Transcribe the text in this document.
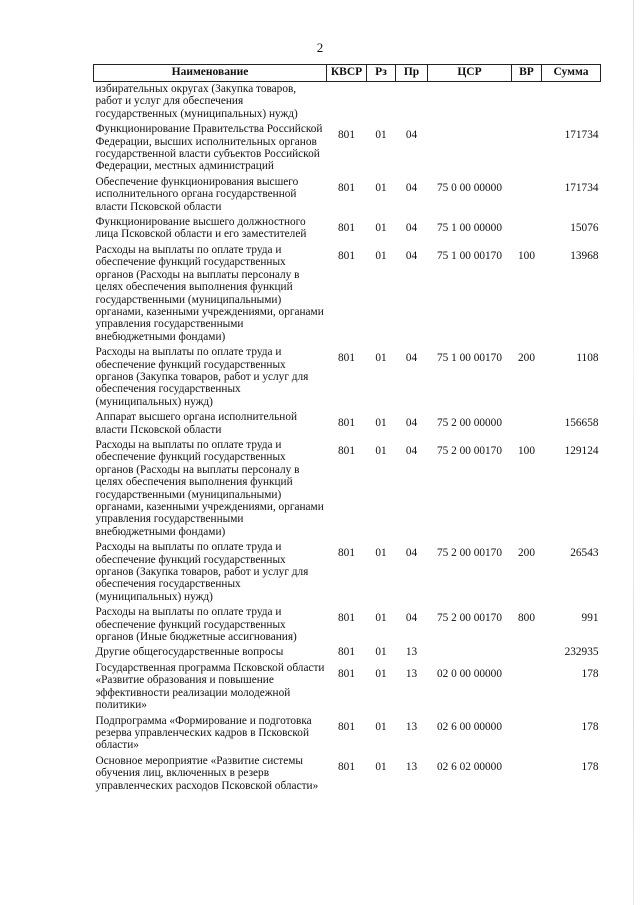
2
Наименование	КВСР	Рз	Пр	ЦСР	ВР	Сумма
избирательных округах (Закупка товаров, работ и услуг для обеспечения государственных (муниципальных) нужд)						
Функционирование Правительства Российской Федерации, высших исполнительных органов государственной власти субъектов Российской Федерации, местных администраций	801	01	04			171734
Обеспечение функционирования высшего исполнительного органа государственной власти Псковской области	801	01	04	75 0 00 00000		171734
Функционирование высшего должностного лица Псковской области и его заместителей	801	01	04	75 1 00 00000		15076
Расходы на выплаты по оплате труда и обеспечение функций государственных органов (Расходы на выплаты персоналу в целях обеспечения выполнения функций государственными (муниципальными) органами, казенными учреждениями, органами управления государственными внебюджетными фондами)	801	01	04	75 1 00 00170	100	13968
Расходы на выплаты по оплате труда и обеспечение функций государственных органов (Закупка товаров, работ и услуг для обеспечения государственных (муниципальных) нужд)	801	01	04	75 1 00 00170	200	1108
Аппарат высшего органа исполнительной власти Псковской области	801	01	04	75 2 00 00000		156658
Расходы на выплаты по оплате труда и обеспечение функций государственных органов (Расходы на выплаты персоналу в целях обеспечения выполнения функций государственными (муниципальными) органами, казенными учреждениями, органами управления государственными внебюджетными фондами)	801	01	04	75 2 00 00170	100	129124
Расходы на выплаты по оплате труда и обеспечение функций государственных органов (Закупка товаров, работ и услуг для обеспечения государственных (муниципальных) нужд)	801	01	04	75 2 00 00170	200	26543
Расходы на выплаты по оплате труда и обеспечение функций государственных органов (Иные бюджетные ассигнования)	801	01	04	75 2 00 00170	800	991
Другие общегосударственные вопросы	801	01	13			232935
Государственная программа Псковской области «Развитие образования и повышение эффективности реализации молодежной политики»	801	01	13	02 0 00 00000		178
Подпрограмма «Формирование и подготовка резерва управленческих кадров в Псковской области»	801	01	13	02 6 00 00000		178
Основное мероприятие «Развитие системы обучения лиц, включенных в резерв управленческих расходов Псковской области»	801	01	13	02 6 02 00000		178
